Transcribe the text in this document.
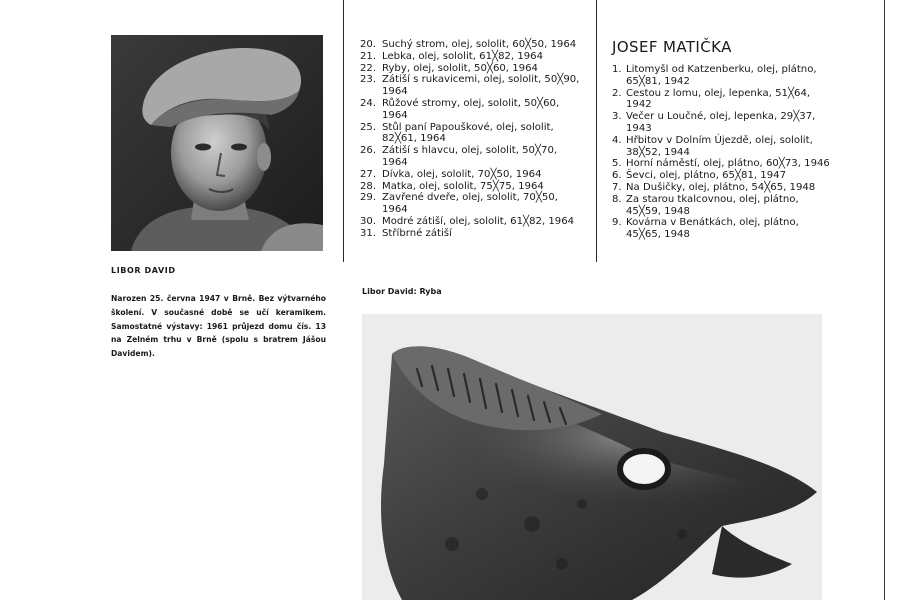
LIBOR DAVID
Narozen 25. června 1947 v Brně. Bez výtvarného školení. V současné době se učí keramikem. Samostatné výstavy: 1961 průjezd domu čís. 13 na Zelném trhu v Brně (spolu s bratrem Jášou Davidem).
20. Suchý strom, olej, sololit, 60╳50, 1964
21. Lebka, olej, sololit, 61╳82, 1964
22. Ryby, olej, sololit, 50╳60, 1964
23. Zátiší s rukavicemi, olej, sololit, 50╳90, 1964
24. Růžové stromy, olej, sololit, 50╳60, 1964
25. Stůl paní Papouškové, olej, sololit, 82╳61, 1964
26. Zátiší s hlavcu, olej, sololit, 50╳70, 1964
27. Dívka, olej, sololit, 70╳50, 1964
28. Matka, olej, sololit, 75╳75, 1964
29. Zavřené dveře, olej, sololit, 70╳50, 1964
30. Modré zátiší, olej, sololit, 61╳82, 1964
31. Stříbrné zátiší
JOSEF MATIČKA
1. Litomyšl od Katzenberku, olej, plátno, 65╳81, 1942
2. Cestou z lomu, olej, lepenka, 51╳64, 1942
3. Večer u Loučné, olej, lepenka, 29╳37, 1943
4. Hřbitov v Dolním Újezdě, olej, sololit, 38╳52, 1944
5. Horní náměstí, olej, plátno, 60╳73, 1946
6. Ševci, olej, plátno, 65╳81, 1947
7. Na Dušičky, olej, plátno, 54╳65, 1948
8. Za starou tkalcovnou, olej, plátno, 45╳59, 1948
9. Kovárna v Benátkách, olej, plátno, 45╳65, 1948
Libor David: Ryba
